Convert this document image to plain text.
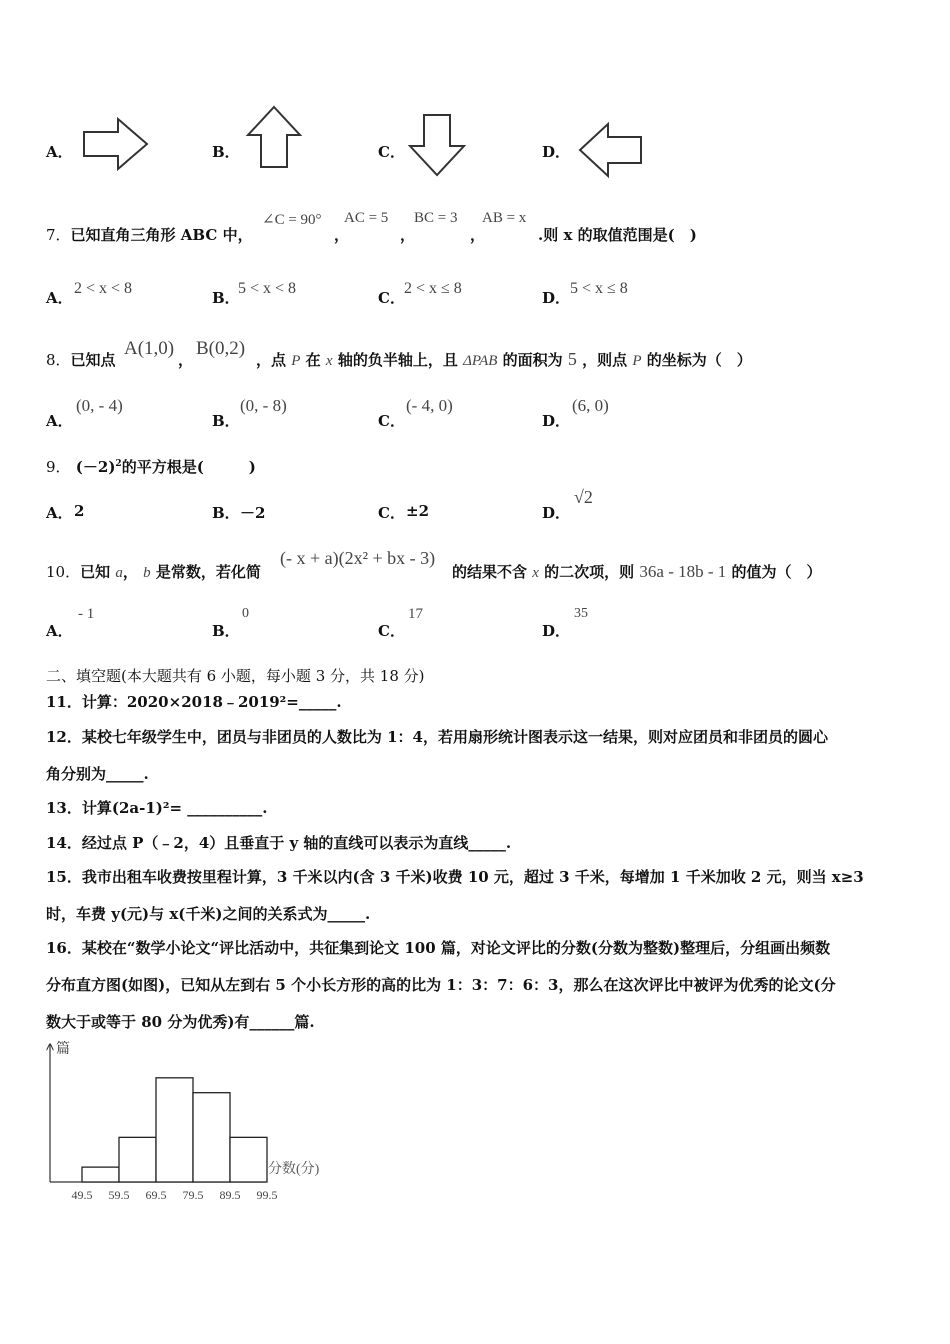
A．	B．	C．	D．
7．已知直角三角形 ABC 中，
∠C = 90°
，
AC = 5
，
BC = 3
，
AB = x
.则 x 的取值范围是(　)
A．
2 < x < 8
B．
5 < x < 8
C．
2 < x ≤ 8
D．
5 < x ≤ 8
8．已知点
A(1,0)
，
B(0,2)
，点 P 在 x 轴的负半轴上，且 ΔPAB 的面积为 5 ，则点 P 的坐标为（　）
A．
(0, - 4)
B．
(0, - 8)
C．
(- 4, 0)
D．
(6, 0)
9． $(-2)^2$的平方根是(　　　)
A． 2	B． －2	C． ±2	D．
√2
10．已知 a， b 是常数，若化简
(- x + a)(2x² + bx - 3)
的结果不含 x 的二次项，则 36a - 18b - 1 的值为（　）
A．
- 1
B．
0
C．
17
D．
35
二、填空题(本大题共有 6 小题，每小题 3 分，共 18 分)
11．计算：2020×2018﹣2019²=_____.
12．某校七年级学生中，团员与非团员的人数比为 1：4，若用扇形统计图表示这一结果，则对应团员和非团员的圆心
角分别为_____.
13．计算(2a-1)²= __________.
14．经过点 P（﹣2，4）且垂直于 y 轴的直线可以表示为直线_____.
15．我市出租车收费按里程计算，3 千米以内(含 3 千米)收费 10 元，超过 3 千米，每增加 1 千米加收 2 元，则当 x≥3
时，车费 y(元)与 x(千米)之间的关系式为_____.
16．某校在“数学小论文“评比活动中，共征集到论文 100 篇，对论文评比的分数(分数为整数)整理后，分组画出频数
分布直方图(如图)，已知从左到右 5 个小长方形的高的比为 1：3：7：6：3，那么在这次评比中被评为优秀的论文(分
数大于或等于 80 分为优秀)有______篇.
篇
分数(分)
49.5 59.5 69.5 79.5 89.5 99.5
